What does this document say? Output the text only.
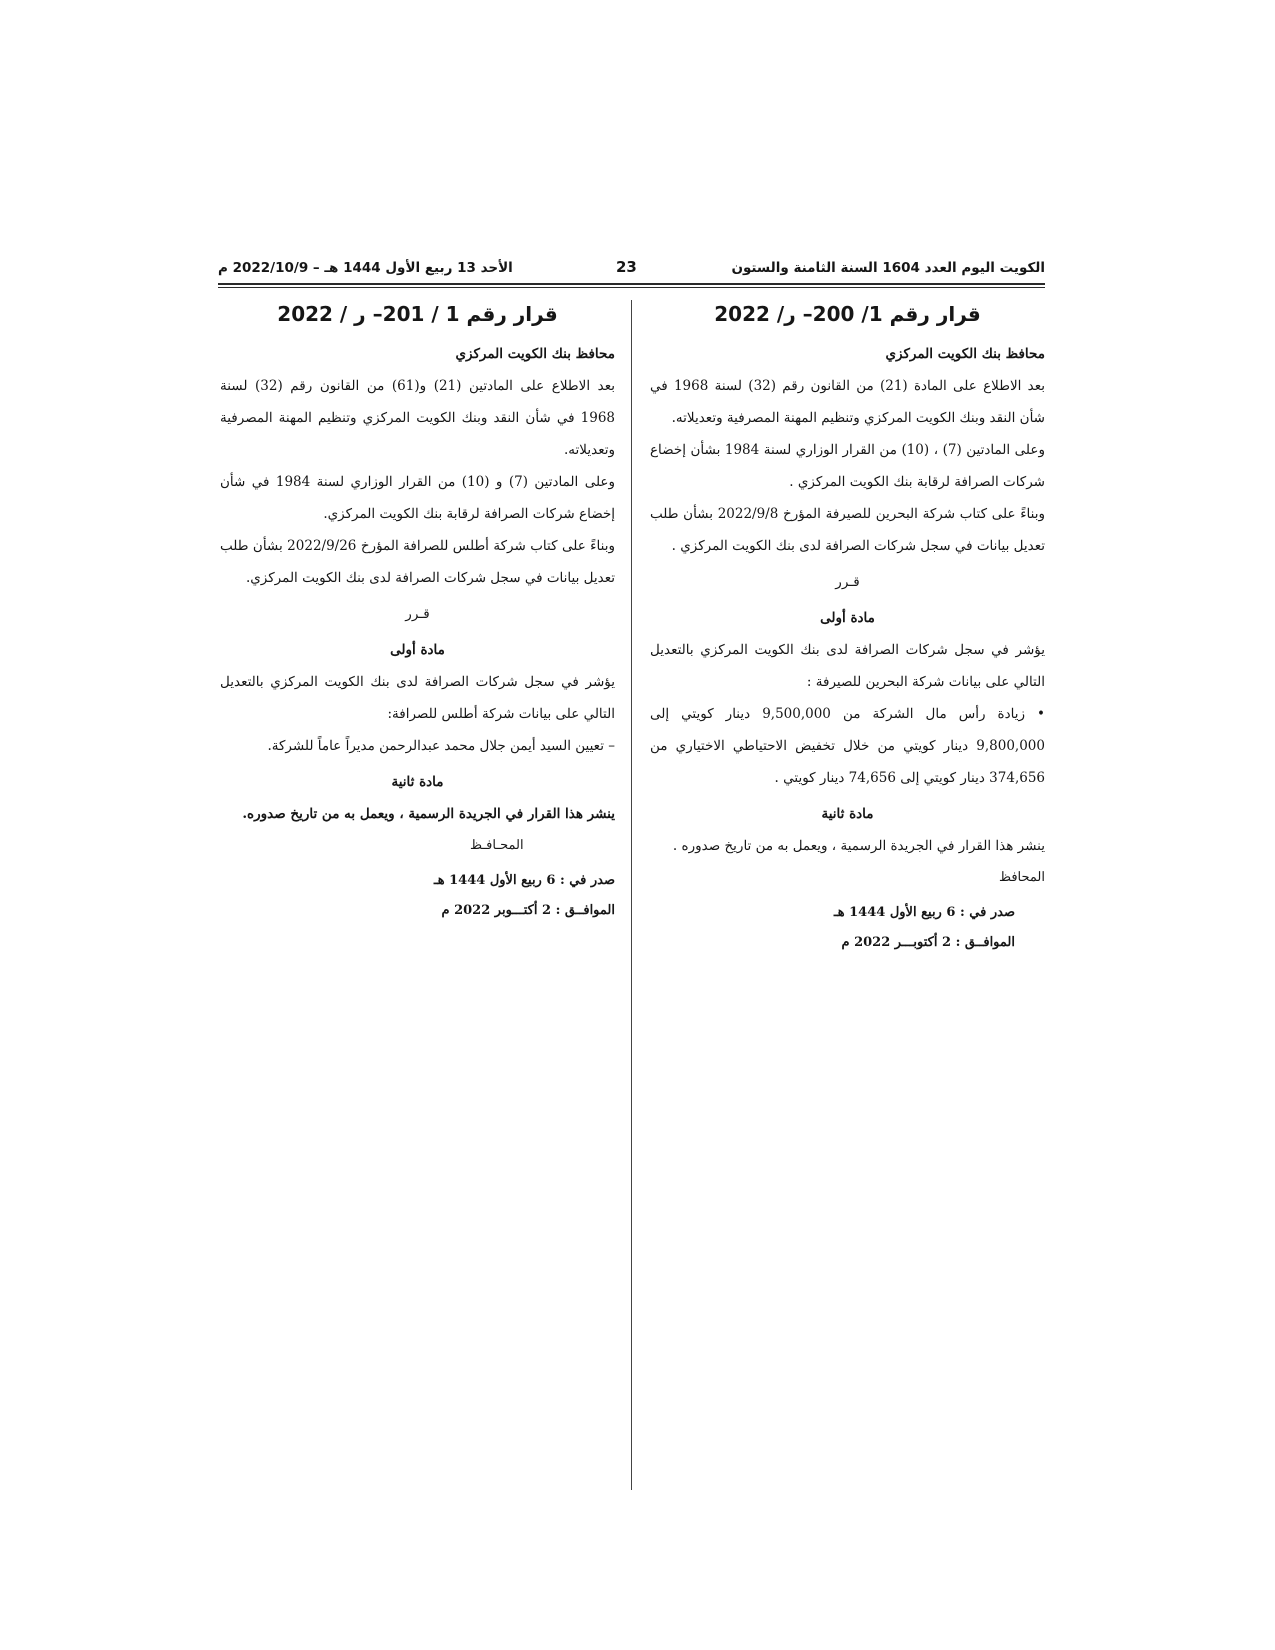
الكويت اليوم العدد 1604 السنة الثامنة والستون
23
الأحد 13 ربيع الأول 1444 هـ – 2022/10/9 م
قرار رقم 1/ 200– ر/ 2022

محافظ بنك الكويت المركزي

بعد الاطلاع على المادة (21) من القانون رقم (32) لسنة 1968 في شأن النقد وبنك الكويت المركزي وتنظيم المهنة المصرفية وتعديلاته.

وعلى المادتين (7) ، (10) من القرار الوزاري لسنة 1984 بشأن إخضاع شركات الصرافة لرقابة بنك الكويت المركزي .

وبناءً على كتاب شركة البحرين للصيرفة المؤرخ 2022/9/8 بشأن طلب تعديل بيانات في سجل شركات الصرافة لدى بنك الكويت المركزي .

قـرر

مادة أولى

يؤشر في سجل شركات الصرافة لدى بنك الكويت المركزي بالتعديل التالي على بيانات شركة البحرين للصيرفة :

• زيادة رأس مال الشركة من 9,500,000 دينار كويتي إلى 9,800,000 دينار كويتي من خلال تخفيض الاحتياطي الاختياري من 374,656 دينار كويتي إلى 74,656 دينار كويتي .

مادة ثانية

ينشر هذا القرار في الجريدة الرسمية ، ويعمل به من تاريخ صدوره .

المحافظ

صدر في : 6 ربيع الأول 1444 هـ

الموافــق : 2 أكتوبـــر 2022 م

قرار رقم 1 / 201– ر / 2022

محافظ بنك الكويت المركزي

بعد الاطلاع على المادتين (21) و(61) من القانون رقم (32) لسنة 1968 في شأن النقد وبنك الكويت المركزي وتنظيم المهنة المصرفية وتعديلاته.

وعلى المادتين (7) و (10) من القرار الوزاري لسنة 1984 في شأن إخضاع شركات الصرافة لرقابة بنك الكويت المركزي.

وبناءً على كتاب شركة أطلس للصرافة المؤرخ 2022/9/26 بشأن طلب تعديل بيانات في سجل شركات الصرافة لدى بنك الكويت المركزي.

قـرر

مادة أولى

يؤشر في سجل شركات الصرافة لدى بنك الكويت المركزي بالتعديل التالي على بيانات شركة أطلس للصرافة:

– تعيين السيد أيمن جلال محمد عبدالرحمن مديراً عاماً للشركة.

مادة ثانية

ينشر هذا القرار في الجريدة الرسمية ، ويعمل به من تاريخ صدوره.

المحـافـظ

صدر في : 6 ربيع الأول 1444 هـ

الموافــق : 2 أكتـــوبر 2022 م
